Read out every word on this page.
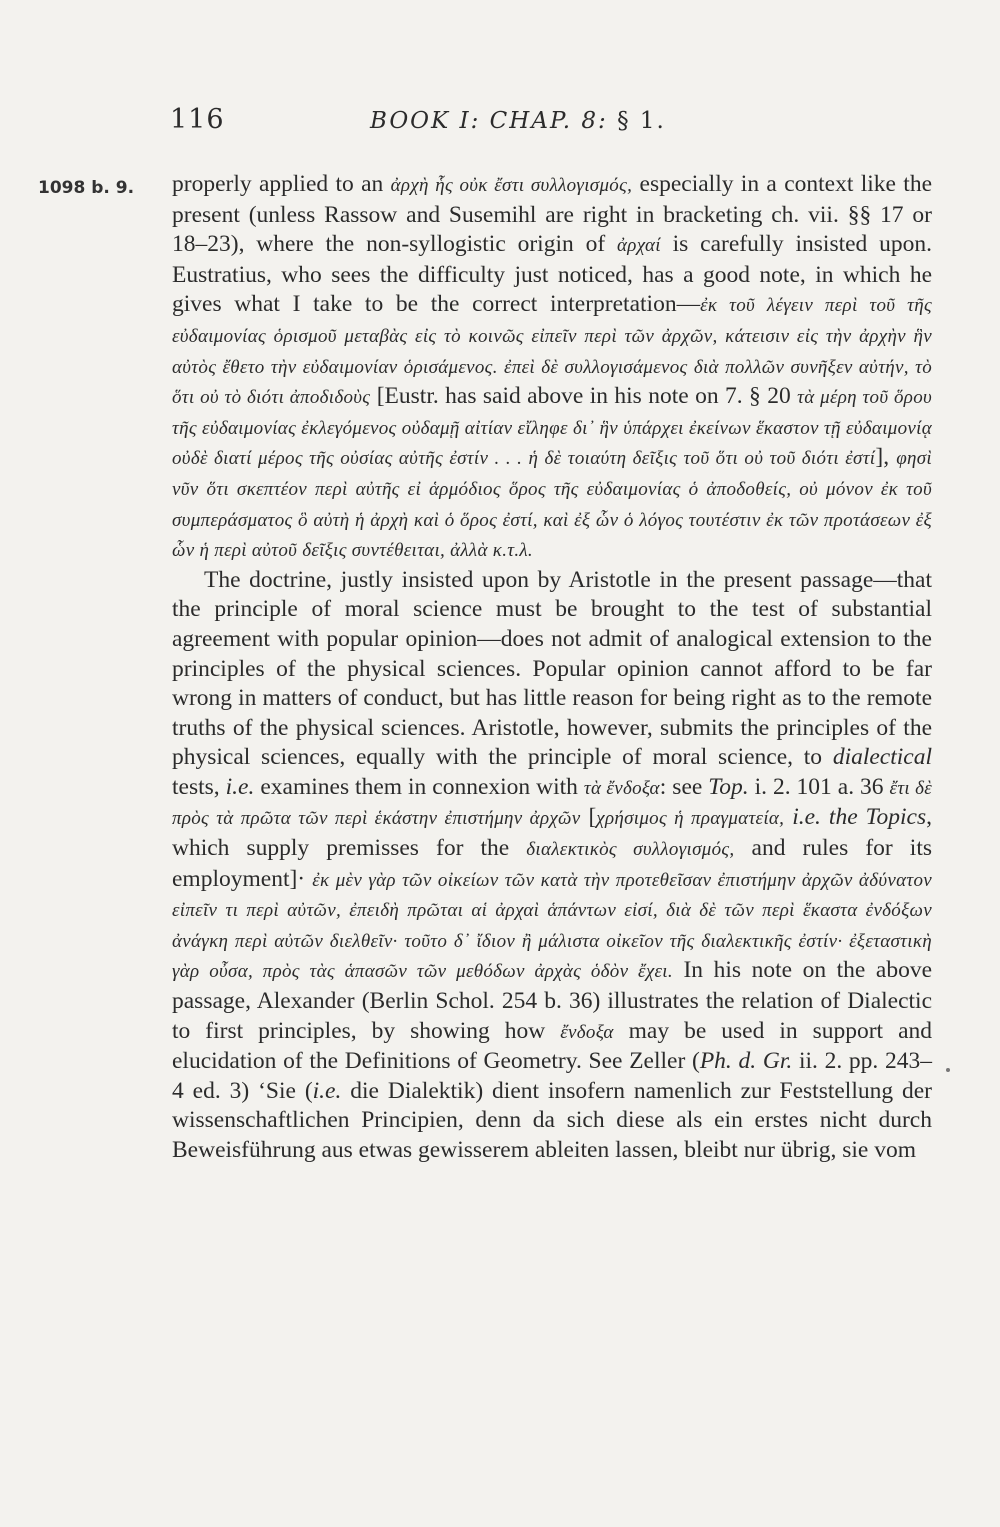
116	BOOK I: CHAP. 8: § 1.
1098 b. 9. properly applied to an ἀρχὴ ἧς οὐκ ἔστι συλλογισμός, especially in a context like the present (unless Rassow and Susemihl are right in bracketing ch. vii. §§ 17 or 18–23), where the non-syllogistic origin of ἀρχαί is carefully insisted upon. Eustratius, who sees the difficulty just noticed, has a good note, in which he gives what I take to be the correct interpretation—ἐκ τοῦ λέγειν περὶ τοῦ τῆς εὐδαιμονίας ὁρισμοῦ μεταβὰς εἰς τὸ κοινῶς εἰπεῖν περὶ τῶν ἀρχῶν, κάτεισιν εἰς τὴν ἀρχὴν ἣν αὐτὸς ἔθετο τὴν εὐδαιμονίαν ὁρισάμενος. ἐπεὶ δὲ συλλογισάμενος διὰ πολλῶν συνῆξεν αὐτήν, τὸ ὅτι οὐ τὸ διότι ἀποδιδοὺς [Eustr. has said above in his note on 7. § 20 τὰ μέρη τοῦ ὅρου τῆς εὐδαιμονίας ἐκλεγόμενος οὐδαμῇ αἰτίαν εἴληφε δι᾽ ἣν ὑπάρχει ἐκείνων ἕκαστον τῇ εὐδαιμονίᾳ οὐδὲ διατί μέρος τῆς οὐσίας αὐτῆς ἐστίν . . . ἡ δὲ τοιαύτη δεῖξις τοῦ ὅτι οὐ τοῦ διότι ἐστί], φησὶ νῦν ὅτι σκεπτέον περὶ αὐτῆς εἰ ἁρμόδιος ὅρος τῆς εὐδαιμονίας ὁ ἀποδοθείς, οὐ μόνον ἐκ τοῦ συμπεράσματος ὃ αὐτὴ ἡ ἀρχὴ καὶ ὁ ὅρος ἐστί, καὶ ἐξ ὧν ὁ λόγος τουτέστιν ἐκ τῶν προτάσεων ἐξ ὧν ἡ περὶ αὐτοῦ δεῖξις συντέθειται, ἀλλὰ κ.τ.λ.

The doctrine, justly insisted upon by Aristotle in the present passage—that the principle of moral science must be brought to the test of substantial agreement with popular opinion—does not admit of analogical extension to the principles of the physical sciences. Popular opinion cannot afford to be far wrong in matters of conduct, but has little reason for being right as to the remote truths of the physical sciences. Aristotle, however, submits the principles of the physical sciences, equally with the principle of moral science, to dialectical tests, i.e. examines them in connexion with τὰ ἔνδοξα: see Top. i. 2. 101 a. 36 ἔτι δὲ πρὸς τὰ πρῶτα τῶν περὶ ἑκάστην ἐπιστήμην ἀρχῶν [χρήσιμος ἡ πραγματεία, i.e. the Topics, which supply premisses for the διαλεκτικὸς συλλογισμός, and rules for its employment]· ἐκ μὲν γὰρ τῶν οἰκείων τῶν κατὰ τὴν προτεθεῖσαν ἐπιστήμην ἀρχῶν ἀδύνατον εἰπεῖν τι περὶ αὐτῶν, ἐπειδὴ πρῶται αἱ ἀρχαὶ ἁπάντων εἰσί, διὰ δὲ τῶν περὶ ἕκαστα ἐνδόξων ἀνάγκη περὶ αὐτῶν διελθεῖν· τοῦτο δ᾽ ἴδιον ἢ μάλιστα οἰκεῖον τῆς διαλεκτικῆς ἐστίν· ἐξεταστικὴ γὰρ οὖσα, πρὸς τὰς ἁπασῶν τῶν μεθόδων ἀρχὰς ὁδὸν ἔχει. In his note on the above passage, Alexander (Berlin Schol. 254 b. 36) illustrates the relation of Dialectic to first principles, by showing how ἔνδοξα may be used in support and elucidation of the Definitions of Geometry. See Zeller (Ph. d. Gr. ii. 2. pp. 243–4 ed. 3) ‘Sie (i.e. die Dialektik) dient insofern namenlich zur Feststellung der wissenschaftlichen Principien, denn da sich diese als ein erstes nicht durch Beweisführung aus etwas gewisserem ableiten lassen, bleibt nur übrig, sie vom
